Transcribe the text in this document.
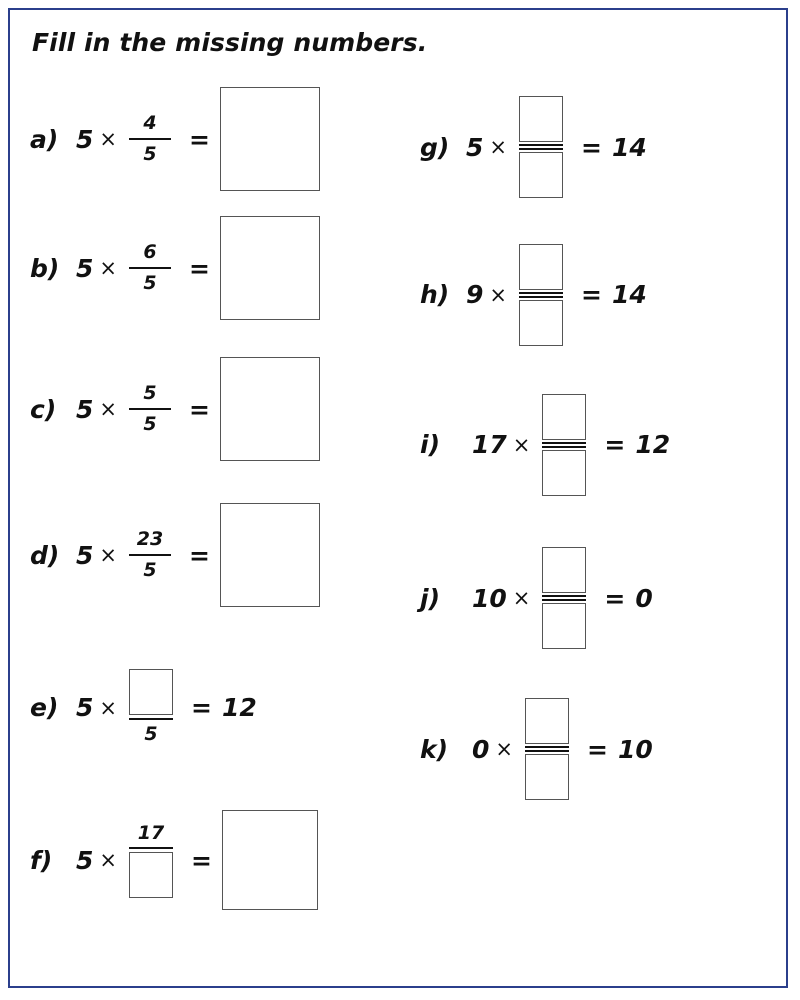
Fill in the missing numbers.
a) $5 \times \frac{4}{5}$ =
b) $5 \times \frac{6}{5}$ =
c) $5 \times \frac{5}{5}$ =
d) $5 \times \frac{23}{5}$ =
e) 5 ×
5
= 12
f) 5 ×
17
=
g) 5 ×	= 14
h) 9 ×	= 14
i)	17 ×	= 12
j)	10 ×	= 0
k) 0 ×	= 10
